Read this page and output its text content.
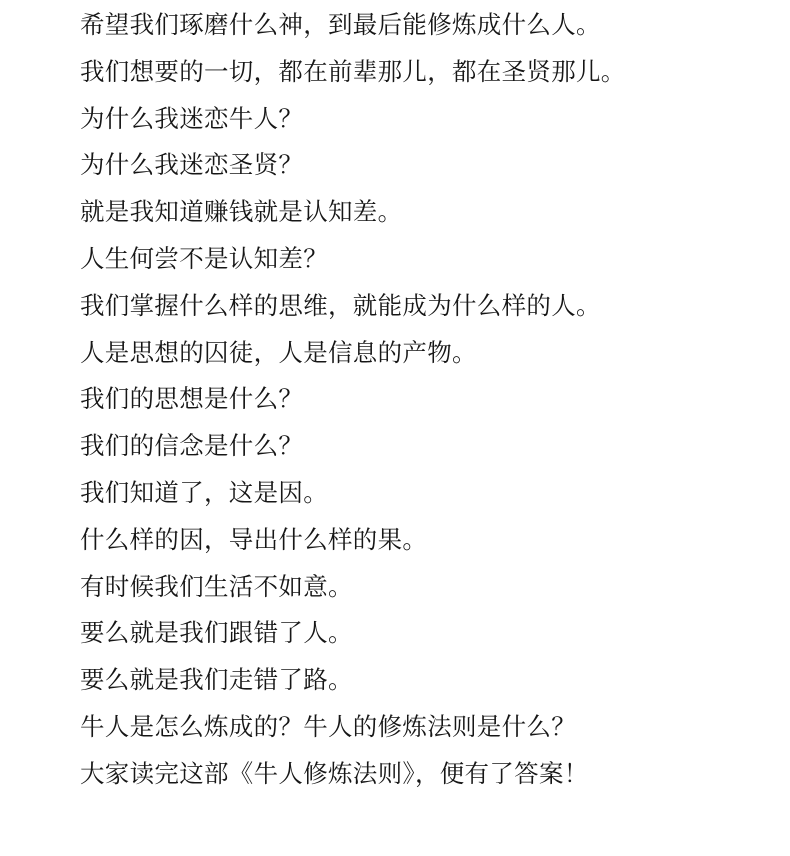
希望我们琢磨什么神，到最后能修炼成什么人。
我们想要的一切，都在前辈那儿，都在圣贤那儿。
为什么我迷恋牛人？
为什么我迷恋圣贤？
就是我知道赚钱就是认知差。
人生何尝不是认知差？
我们掌握什么样的思维，就能成为什么样的人。
人是思想的囚徒，人是信息的产物。
我们的思想是什么？
我们的信念是什么？
我们知道了，这是因。
什么样的因，导出什么样的果。
有时候我们生活不如意。
要么就是我们跟错了人。
要么就是我们走错了路。
牛人是怎么炼成的？牛人的修炼法则是什么？
大家读完这部《牛人修炼法则》，便有了答案！
